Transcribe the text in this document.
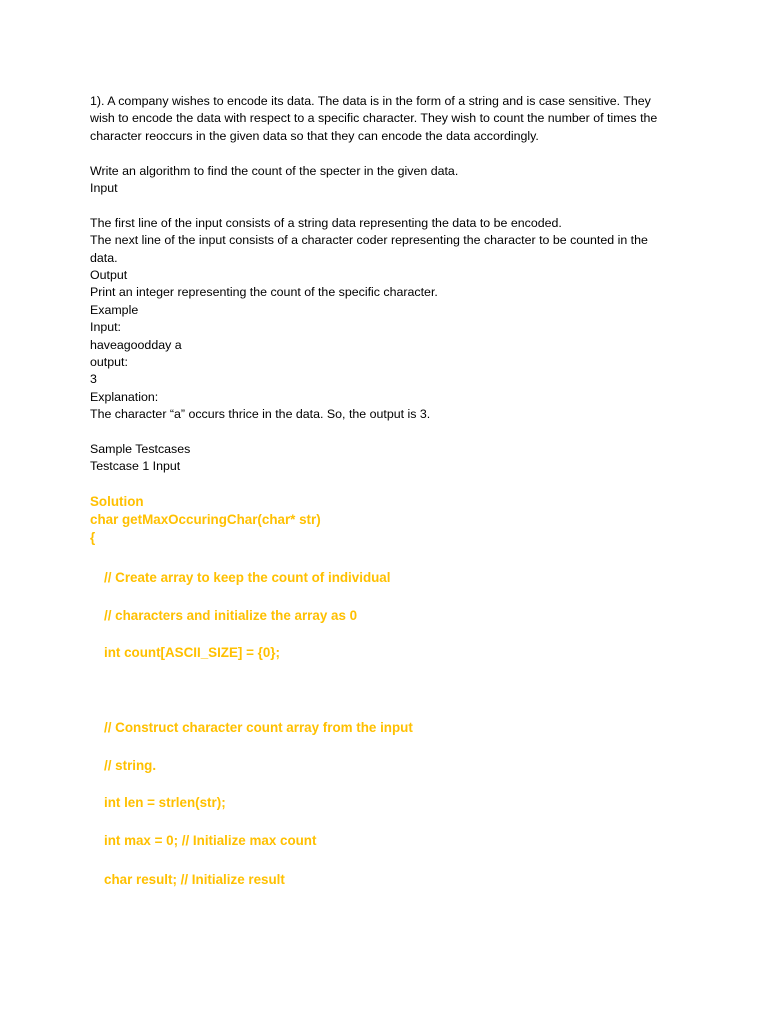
1). A company wishes to encode its data. The data is in the form of a string and is case sensitive. They
wish to encode the data with respect to a specific character. They wish to count the number of times the
character reoccurs in the given data so that they can encode the data accordingly.
Write an algorithm to find the count of the specter in the given data.
Input
The first line of the input consists of a string data representing the data to be encoded.
The next line of the input consists of a character coder representing the character to be counted in the
data.
Output
Print an integer representing the count of the specific character.
Example
Input:
haveagoodday a
output:
3
Explanation:
The character “a” occurs thrice in the data. So, the output is 3.
Sample Testcases
Testcase 1 Input
Solution
char getMaxOccuringChar(char* str)
{
// Create array to keep the count of individual
// characters and initialize the array as 0
int count[ASCII_SIZE] = {0};
// Construct character count array from the input
// string.
int len = strlen(str);
int max = 0; // Initialize max count
char result; // Initialize result
